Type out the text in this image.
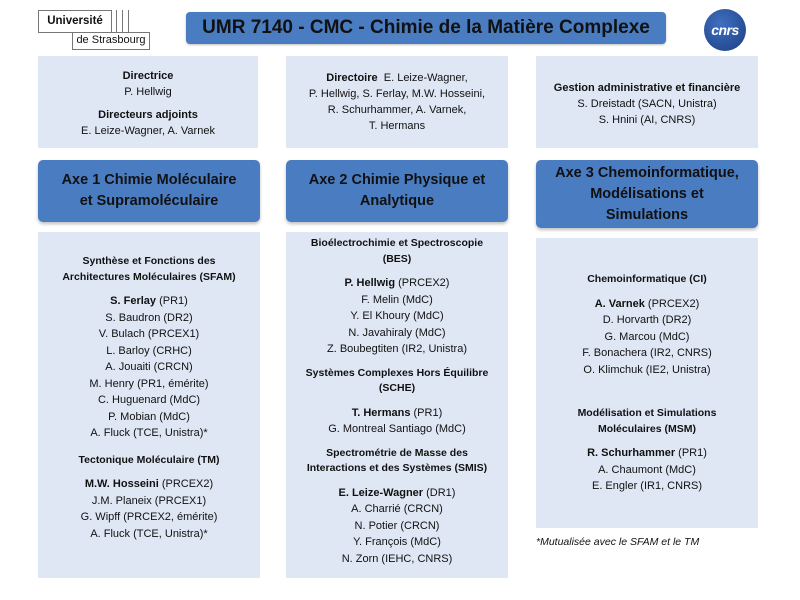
Université
de Strasbourg
UMR 7140 - CMC - Chimie de la Matière Complexe	cnrs
Directrice
P. Hellwig
Directeurs adjoints
E. Leize-Wagner, A. Varnek
Directoire E. Leize-Wagner,
P. Hellwig, S. Ferlay, M.W. Hosseini,
R. Schurhammer, A. Varnek,
T. Hermans
Gestion administrative et financière
S. Dreistadt (SACN, Unistra)
S. Hnini (AI, CNRS)
Axe 1 Chimie Moléculaire
et Supramoléculaire
Axe 2 Chimie Physique et
Analytique
Axe 3 Chemoinformatique,
Modélisations et
Simulations
Synthèse et Fonctions des
Architectures Moléculaires (SFAM)
S. Ferlay (PR1)
S. Baudron (DR2)
V. Bulach (PRCEX1)
L. Barloy (CRHC)
A. Jouaiti (CRCN)
M. Henry (PR1, émérite)
C. Huguenard (MdC)
P. Mobian (MdC)
A. Fluck (TCE, Unistra)*
Tectonique Moléculaire (TM)
M.W. Hosseini (PRCEX2)
J.M. Planeix (PRCEX1)
G. Wipff (PRCEX2, émérite)
A. Fluck (TCE, Unistra)*
Bioélectrochimie et Spectroscopie
(BES)
P. Hellwig (PRCEX2)
F. Melin (MdC)
Y. El Khoury (MdC)
N. Javahiraly (MdC)
Z. Boubegtiten (IR2, Unistra)
Systèmes Complexes Hors Équilibre
(SCHE)
T. Hermans (PR1)
G. Montreal Santiago (MdC)
Spectrométrie de Masse des
Interactions et des Systèmes (SMIS)
E. Leize-Wagner (DR1)
A. Charrié (CRCN)
N. Potier (CRCN)
Y. François (MdC)
N. Zorn (IEHC, CNRS)
Chemoinformatique (CI)
A. Varnek (PRCEX2)
D. Horvarth (DR2)
G. Marcou (MdC)
F. Bonachera (IR2, CNRS)
O. Klimchuk (IE2, Unistra)
Modélisation et Simulations
Moléculaires (MSM)
R. Schurhammer (PR1)
A. Chaumont (MdC)
E. Engler (IR1, CNRS)
*Mutualisée avec le SFAM et le TM
